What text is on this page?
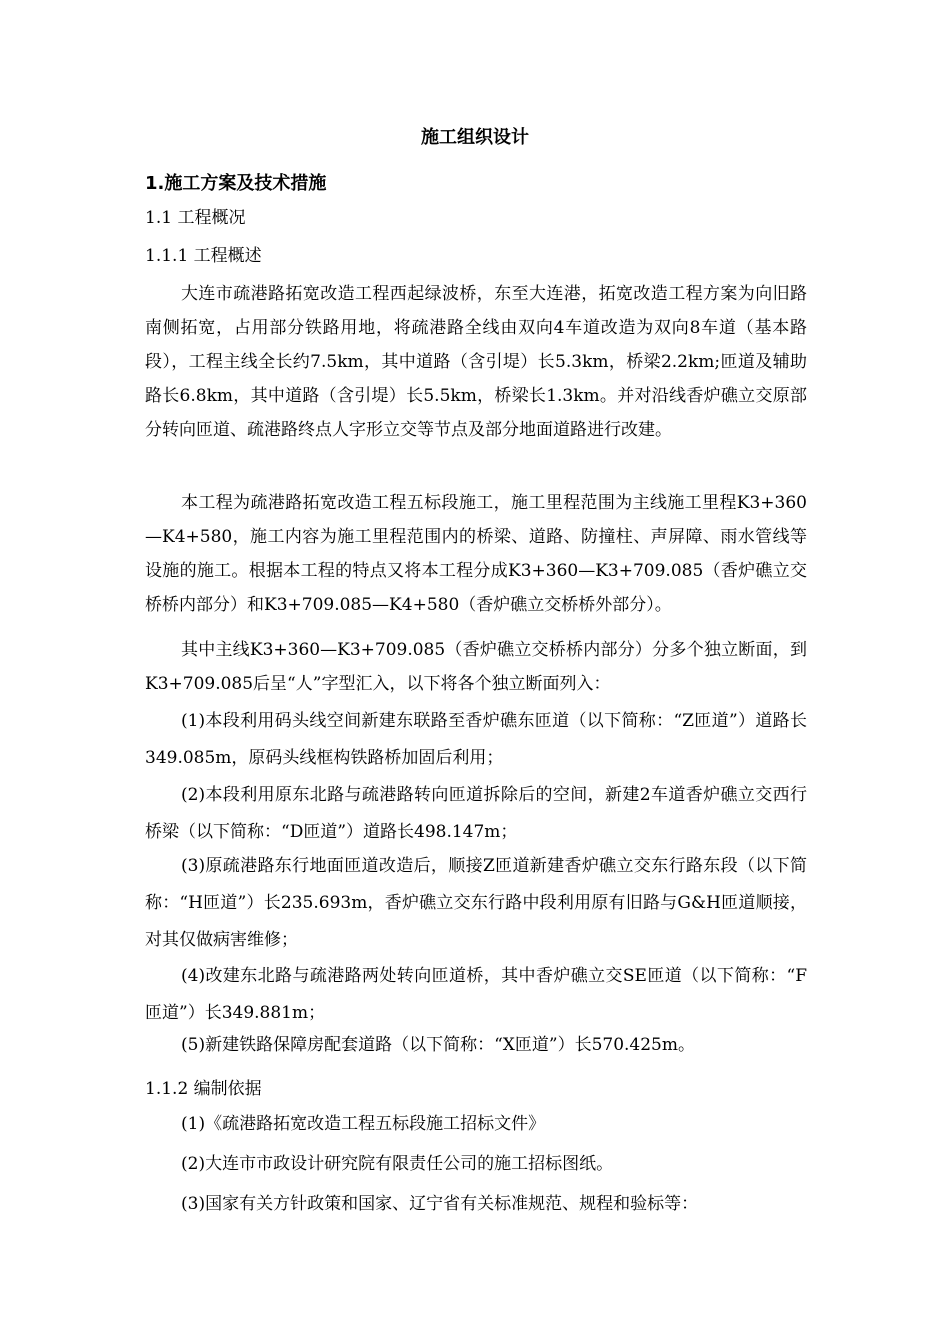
施工组织设计
1.施工方案及技术措施
1.1 工程概况
1.1.1 工程概述
大连市疏港路拓宽改造工程西起绿波桥，东至大连港，拓宽改造工程方案为向旧路南侧拓宽，占用部分铁路用地，将疏港路全线由双向4车道改造为双向8车道（基本路段），工程主线全长约7.5km，其中道路（含引堤）长5.3km，桥梁2.2km;匝道及辅助路长6.8km，其中道路（含引堤）长5.5km，桥梁长1.3km。并对沿线香炉礁立交原部分转向匝道、疏港路终点人字形立交等节点及部分地面道路进行改建。
本工程为疏港路拓宽改造工程五标段施工，施工里程范围为主线施工里程K3+360—K4+580，施工内容为施工里程范围内的桥梁、道路、防撞柱、声屏障、雨水管线等设施的施工。根据本工程的特点又将本工程分成K3+360—K3+709.085（香炉礁立交桥桥内部分）和K3+709.085—K4+580（香炉礁立交桥桥外部分）。
其中主线K3+360—K3+709.085（香炉礁立交桥桥内部分）分多个独立断面，到K3+709.085后呈“人”字型汇入，以下将各个独立断面列入：
(1)本段利用码头线空间新建东联路至香炉礁东匝道（以下简称：“Z匝道”）道路长349.085m，原码头线框构铁路桥加固后利用；
(2)本段利用原东北路与疏港路转向匝道拆除后的空间，新建2车道香炉礁立交西行桥梁（以下简称：“D匝道”）道路长498.147m；
(3)原疏港路东行地面匝道改造后，顺接Z匝道新建香炉礁立交东行路东段（以下简称：“H匝道”）长235.693m，香炉礁立交东行路中段利用原有旧路与G&H匝道顺接，对其仅做病害维修；
(4)改建东北路与疏港路两处转向匝道桥，其中香炉礁立交SE匝道（以下简称：“F匝道”）长349.881m；
(5)新建铁路保障房配套道路（以下简称：“X匝道”）长570.425m。
1.1.2 编制依据
(1)《疏港路拓宽改造工程五标段施工招标文件》
(2)大连市市政设计研究院有限责任公司的施工招标图纸。
(3)国家有关方针政策和国家、辽宁省有关标准规范、规程和验标等：
